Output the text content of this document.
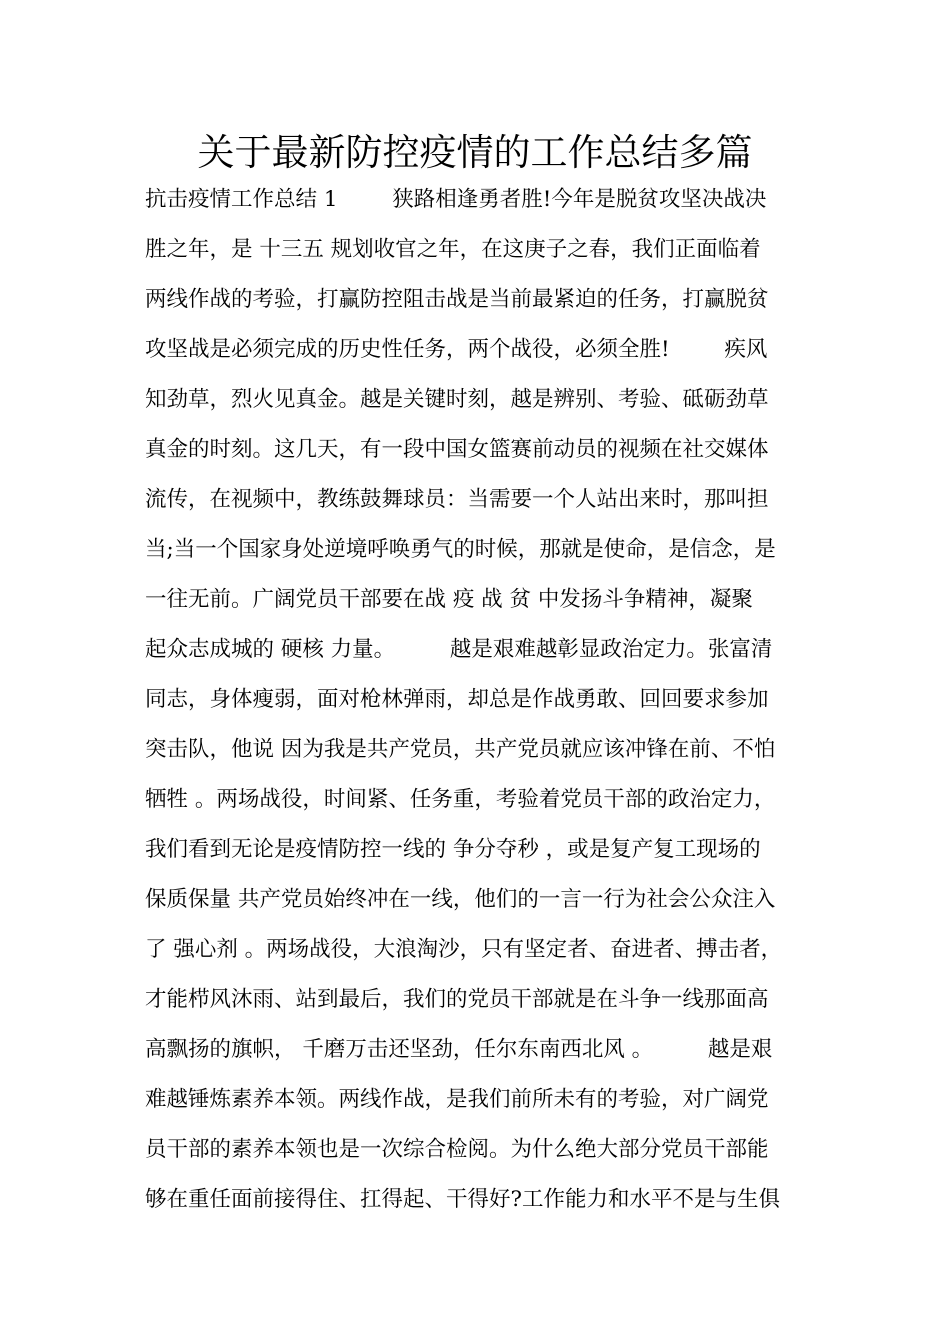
关于最新防控疫情的工作总结多篇
抗击疫情工作总结 1        狭路相逢勇者胜!今年是脱贫攻坚决战决
胜之年，是 十三五 规划收官之年，在这庚子之春，我们正面临着
两线作战的考验，打赢防控阻击战是当前最紧迫的任务，打赢脱贫
攻坚战是必须完成的历史性任务，两个战役，必须全胜!        疾风
知劲草，烈火见真金。越是关键时刻，越是辨别、考验、砥砺劲草
真金的时刻。这几天，有一段中国女篮赛前动员的视频在社交媒体
流传，在视频中，教练鼓舞球员：当需要一个人站出来时，那叫担
当;当一个国家身处逆境呼唤勇气的时候，那就是使命，是信念，是
一往无前。广阔党员干部要在战 疫 战 贫 中发扬斗争精神，凝聚
起众志成城的 硬核 力量。        越是艰难越彰显政治定力。张富清
同志，身体瘦弱，面对枪林弹雨，却总是作战勇敢、回回要求参加
突击队，他说 因为我是共产党员，共产党员就应该冲锋在前、不怕
牺牲 。两场战役，时间紧、任务重，考验着党员干部的政治定力，
我们看到无论是疫情防控一线的 争分夺秒 ，或是复产复工现场的
保质保量 共产党员始终冲在一线，他们的一言一行为社会公众注入
了 强心剂 。两场战役，大浪淘沙，只有坚定者、奋进者、搏击者，
才能栉风沐雨、站到最后，我们的党员干部就是在斗争一线那面高
高飘扬的旗帜， 千磨万击还坚劲，任尔东南西北风 。        越是艰
难越锤炼素养本领。两线作战，是我们前所未有的考验，对广阔党
员干部的素养本领也是一次综合检阅。为什么绝大部分党员干部能
够在重任面前接得住、扛得起、干得好?工作能力和水平不是与生俱
